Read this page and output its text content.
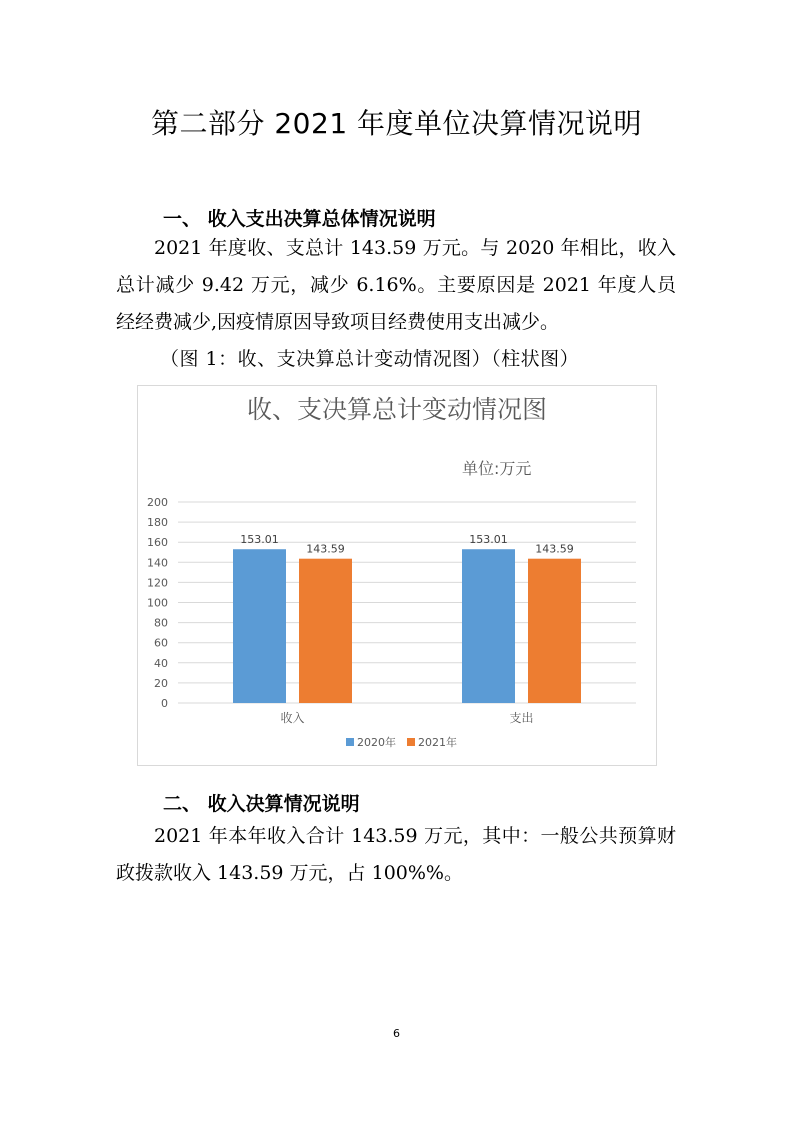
第二部分 2021 年度单位决算情况说明
一、 收入支出决算总体情况说明
2021 年度收、支总计 143.59 万元。与 2020 年相比，收入总计减少 9.42 万元，减少 6.16%。主要原因是 2021 年度人员经经费减少,因疫情原因导致项目经费使用支出减少。
（图 1：收、支决算总计变动情况图）（柱状图）
收、支决算总计变动情况图
单位:万元
0
20
40
60
80
100
120
140
160
180
200
153.01
143.59
收入
153.01
143.59
支出
2020年 2021年
二、 收入决算情况说明
2021 年本年收入合计 143.59 万元，其中：一般公共预算财政拨款收入 143.59 万元，占 100%%。
6
